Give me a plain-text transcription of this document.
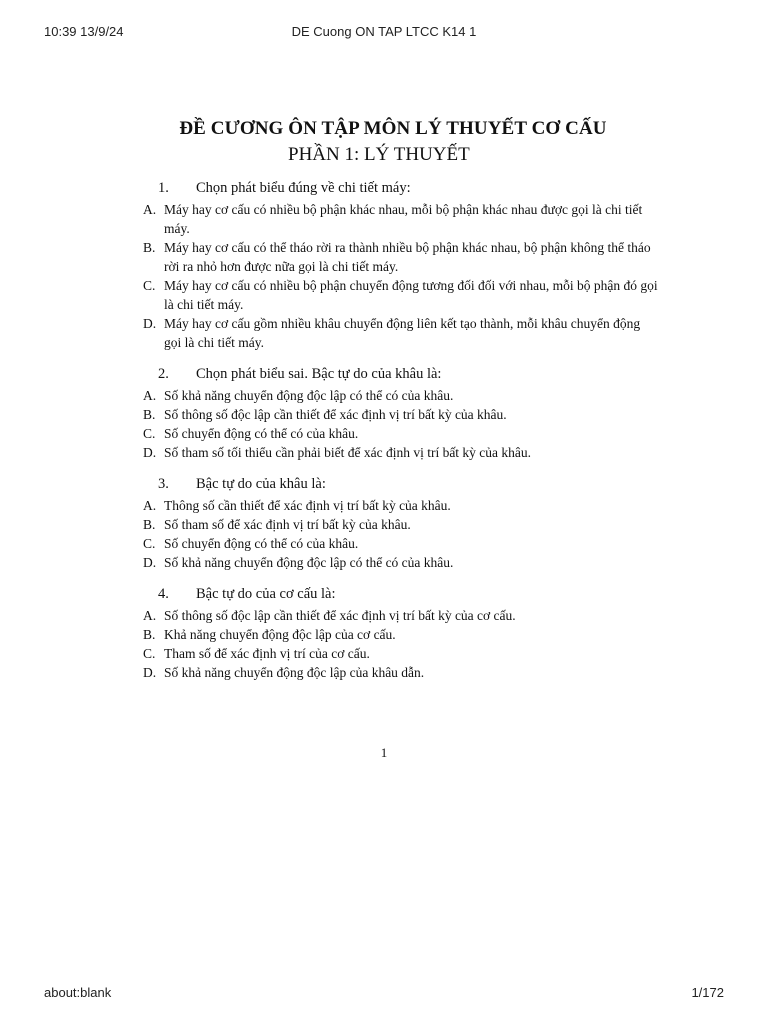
10:39 13/9/24	DE Cuong ON TAP LTCC K14 1

ĐỀ CƯƠNG ÔN TẬP MÔN LÝ THUYẾT CƠ CẤU

PHẦN 1: LÝ THUYẾT

1. Chọn phát biểu đúng về chi tiết máy:
A. Máy hay cơ cấu có nhiều bộ phận khác nhau, mỗi bộ phận khác nhau được gọi là chi tiết máy.
B. Máy hay cơ cấu có thể tháo rời ra thành nhiều bộ phận khác nhau, bộ phận không thể tháo rời ra nhỏ hơn được nữa gọi là chi tiết máy.
C. Máy hay cơ cấu có nhiều bộ phận chuyển động tương đối đối với nhau, mỗi bộ phận đó gọi là chi tiết máy.
D. Máy hay cơ cấu gồm nhiều khâu chuyển động liên kết tạo thành, mỗi khâu chuyển động gọi là chi tiết máy.
2. Chọn phát biểu sai. Bậc tự do của khâu là:
A. Số khả năng chuyển động độc lập có thể có của khâu.
B. Số thông số độc lập cần thiết để xác định vị trí bất kỳ của khâu.
C. Số chuyển động có thể có của khâu.
D. Số tham số tối thiểu cần phải biết để xác định vị trí bất kỳ của khâu.
3. Bậc tự do của khâu là:
A. Thông số cần thiết để xác định vị trí bất kỳ của khâu.
B. Số tham số để xác định vị trí bất kỳ của khâu.
C. Số chuyển động có thể có của khâu.
D. Số khả năng chuyển động độc lập có thể có của khâu.
4. Bậc tự do của cơ cấu là:
A. Số thông số độc lập cần thiết để xác định vị trí bất kỳ của cơ cấu.
B. Khả năng chuyển động độc lập của cơ cấu.
C. Tham số để xác định vị trí của cơ cấu.
D. Số khả năng chuyển động độc lập của khâu dẫn.
1
about:blank	1/172
